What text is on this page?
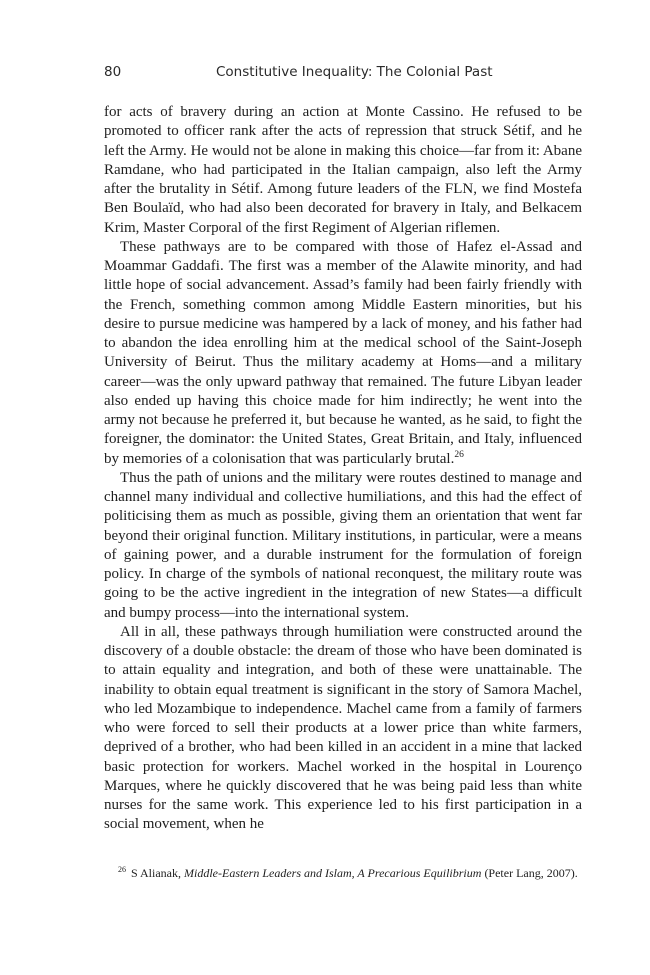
80	Constitutive Inequality: The Colonial Past

for acts of bravery during an action at Monte Cassino. He refused to be promoted to officer rank after the acts of repression that struck Sétif, and he left the Army. He would not be alone in making this choice—far from it: Abane Ramdane, who had participated in the Italian campaign, also left the Army after the brutality in Sétif. Among future leaders of the FLN, we find Mostefa Ben Boulaïd, who had also been decorated for bravery in Italy, and Belkacem Krim, Master Corporal of the first Regiment of Algerian riflemen.

These pathways are to be compared with those of Hafez el-Assad and Moammar Gaddafi. The first was a member of the Alawite minority, and had little hope of social advancement. Assad’s family had been fairly friendly with the French, something common among Middle Eastern minorities, but his desire to pursue medicine was hampered by a lack of money, and his father had to abandon the idea enrolling him at the medical school of the Saint-Joseph University of Beirut. Thus the military academy at Homs—and a military career—was the only upward pathway that remained. The future Libyan leader also ended up having this choice made for him indirectly; he went into the army not because he preferred it, but because he wanted, as he said, to fight the foreigner, the dominator: the United States, Great Britain, and Italy, influenced by memories of a colonisation that was particularly brutal.$^{26}$

Thus the path of unions and the military were routes destined to manage and channel many individual and collective humiliations, and this had the effect of politicising them as much as possible, giving them an orientation that went far beyond their original function. Military institutions, in particular, were a means of gaining power, and a durable instrument for the formulation of foreign policy. In charge of the symbols of national reconquest, the military route was going to be the active ingredient in the integration of new States—a difficult and bumpy process—into the international system.

All in all, these pathways through humiliation were constructed around the discovery of a double obstacle: the dream of those who have been dominated is to attain equality and integration, and both of these were unattainable. The inability to obtain equal treatment is significant in the story of Samora Machel, who led Mozambique to independence. Machel came from a family of farmers who were forced to sell their products at a lower price than white farmers, deprived of a brother, who had been killed in an accident in a mine that lacked basic protection for workers. Machel worked in the hospital in Lourenço Marques, where he quickly discovered that he was being paid less than white nurses for the same work. This experience led to his first participation in a social movement, when he

$^{26}$ S Alianak, Middle-Eastern Leaders and Islam, A Precarious Equilibrium (Peter Lang, 2007).
